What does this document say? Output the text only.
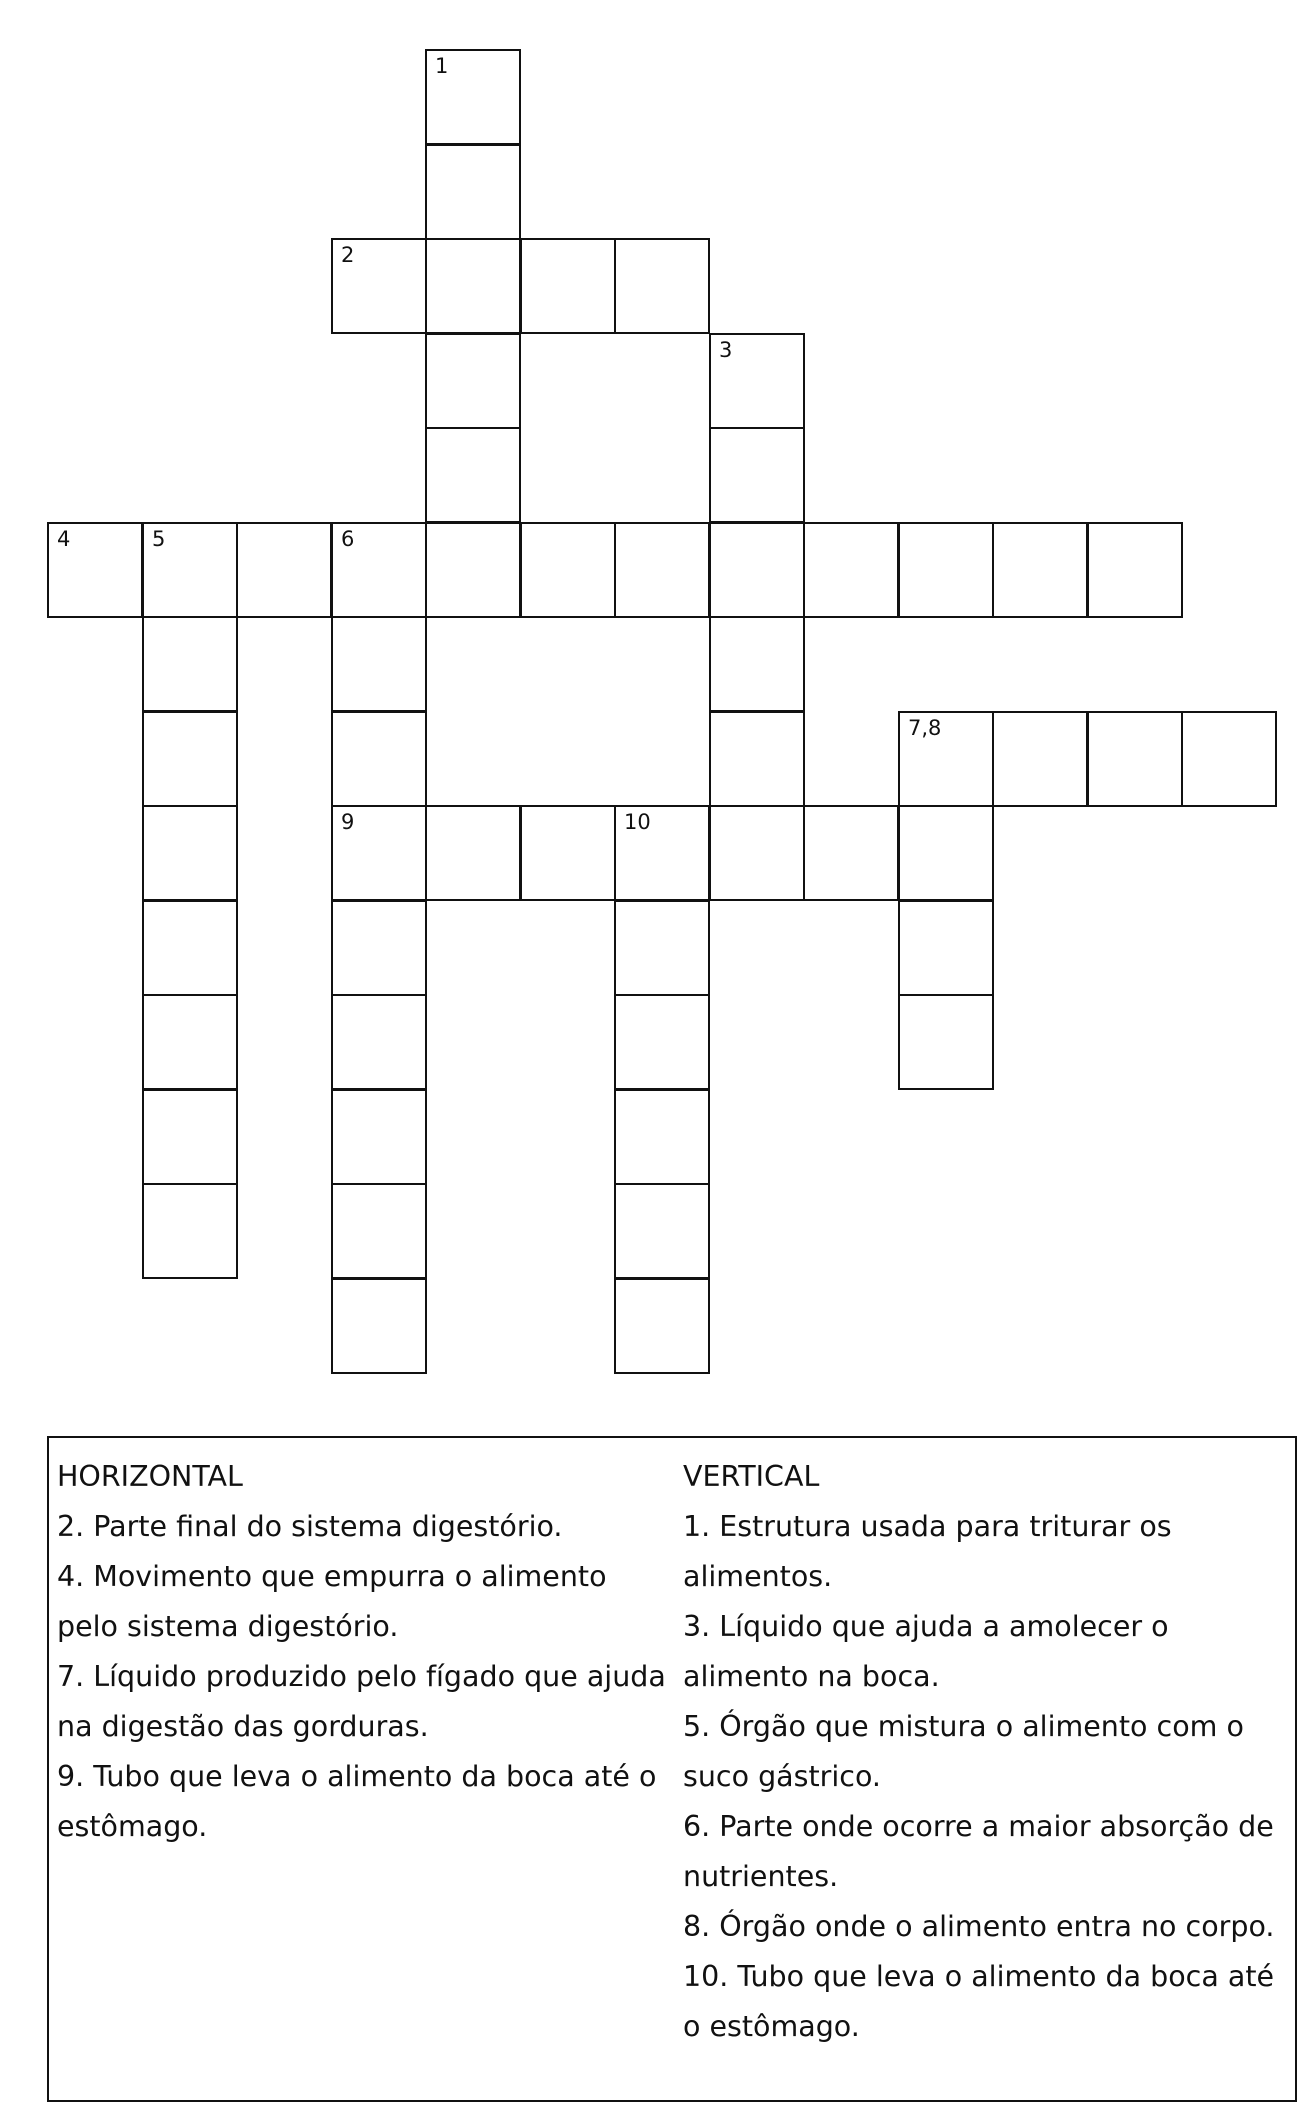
1
2
3
4	5	6
7,8
9	10
HORIZONTAL
2. Parte final do sistema digestório.
4. Movimento que empurra o alimento pelo sistema digestório.
7. Líquido produzido pelo fígado que ajuda na digestão das gorduras.
9. Tubo que leva o alimento da boca até o estômago.
VERTICAL
1. Estrutura usada para triturar os alimentos.
3. Líquido que ajuda a amolecer o alimento na boca.
5. Órgão que mistura o alimento com o suco gástrico.
6. Parte onde ocorre a maior absorção de nutrientes.
8. Órgão onde o alimento entra no corpo.
10. Tubo que leva o alimento da boca até o estômago.
